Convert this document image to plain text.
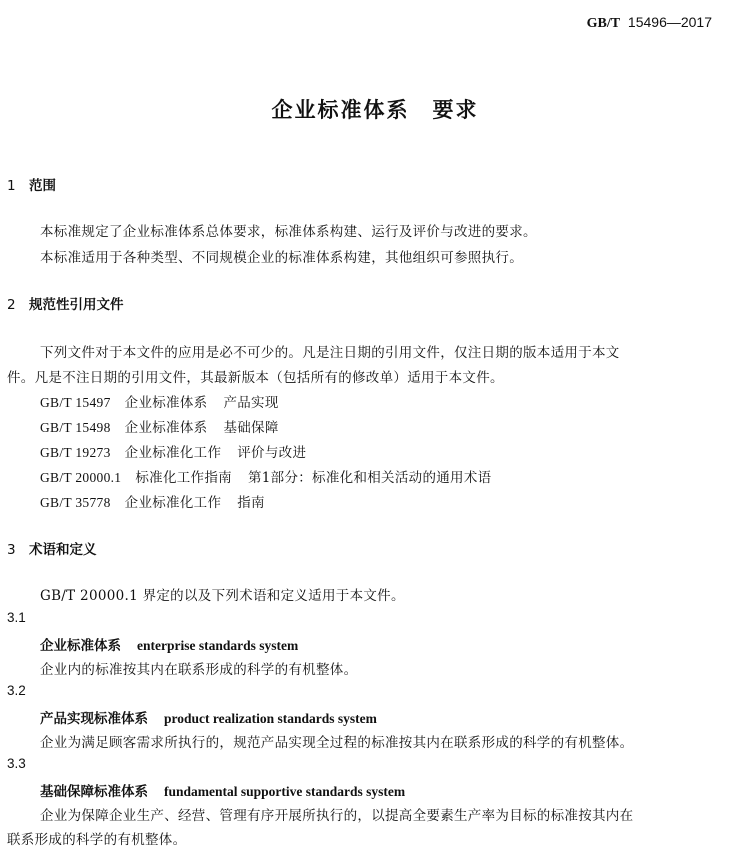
GB/T 15496—2017
企业标准体系　要求
1 范围
本标准规定了企业标准体系总体要求，标准体系构建、运行及评价与改进的要求。
本标准适用于各种类型、不同规模企业的标准体系构建，其他组织可参照执行。
2 规范性引用文件
下列文件对于本文件的应用是必不可少的。凡是注日期的引用文件，仅注日期的版本适用于本文
件。凡是不注日期的引用文件，其最新版本（包括所有的修改单）适用于本文件。
GB/T 15497 企业标准体系 产品实现
GB/T 15498 企业标准体系 基础保障
GB/T 19273 企业标准化工作 评价与改进
GB/T 20000.1 标准化工作指南 第1部分：标准化和相关活动的通用术语
GB/T 35778 企业标准化工作 指南
3 术语和定义
GB/T 20000.1 界定的以及下列术语和定义适用于本文件。
3.1
企业标准体系 enterprise standards system
企业内的标准按其内在联系形成的科学的有机整体。
3.2
产品实现标准体系 product realization standards system
企业为满足顾客需求所执行的，规范产品实现全过程的标准按其内在联系形成的科学的有机整体。
3.3
基础保障标准体系 fundamental supportive standards system
企业为保障企业生产、经营、管理有序开展所执行的，以提高全要素生产率为目标的标准按其内在
联系形成的科学的有机整体。
